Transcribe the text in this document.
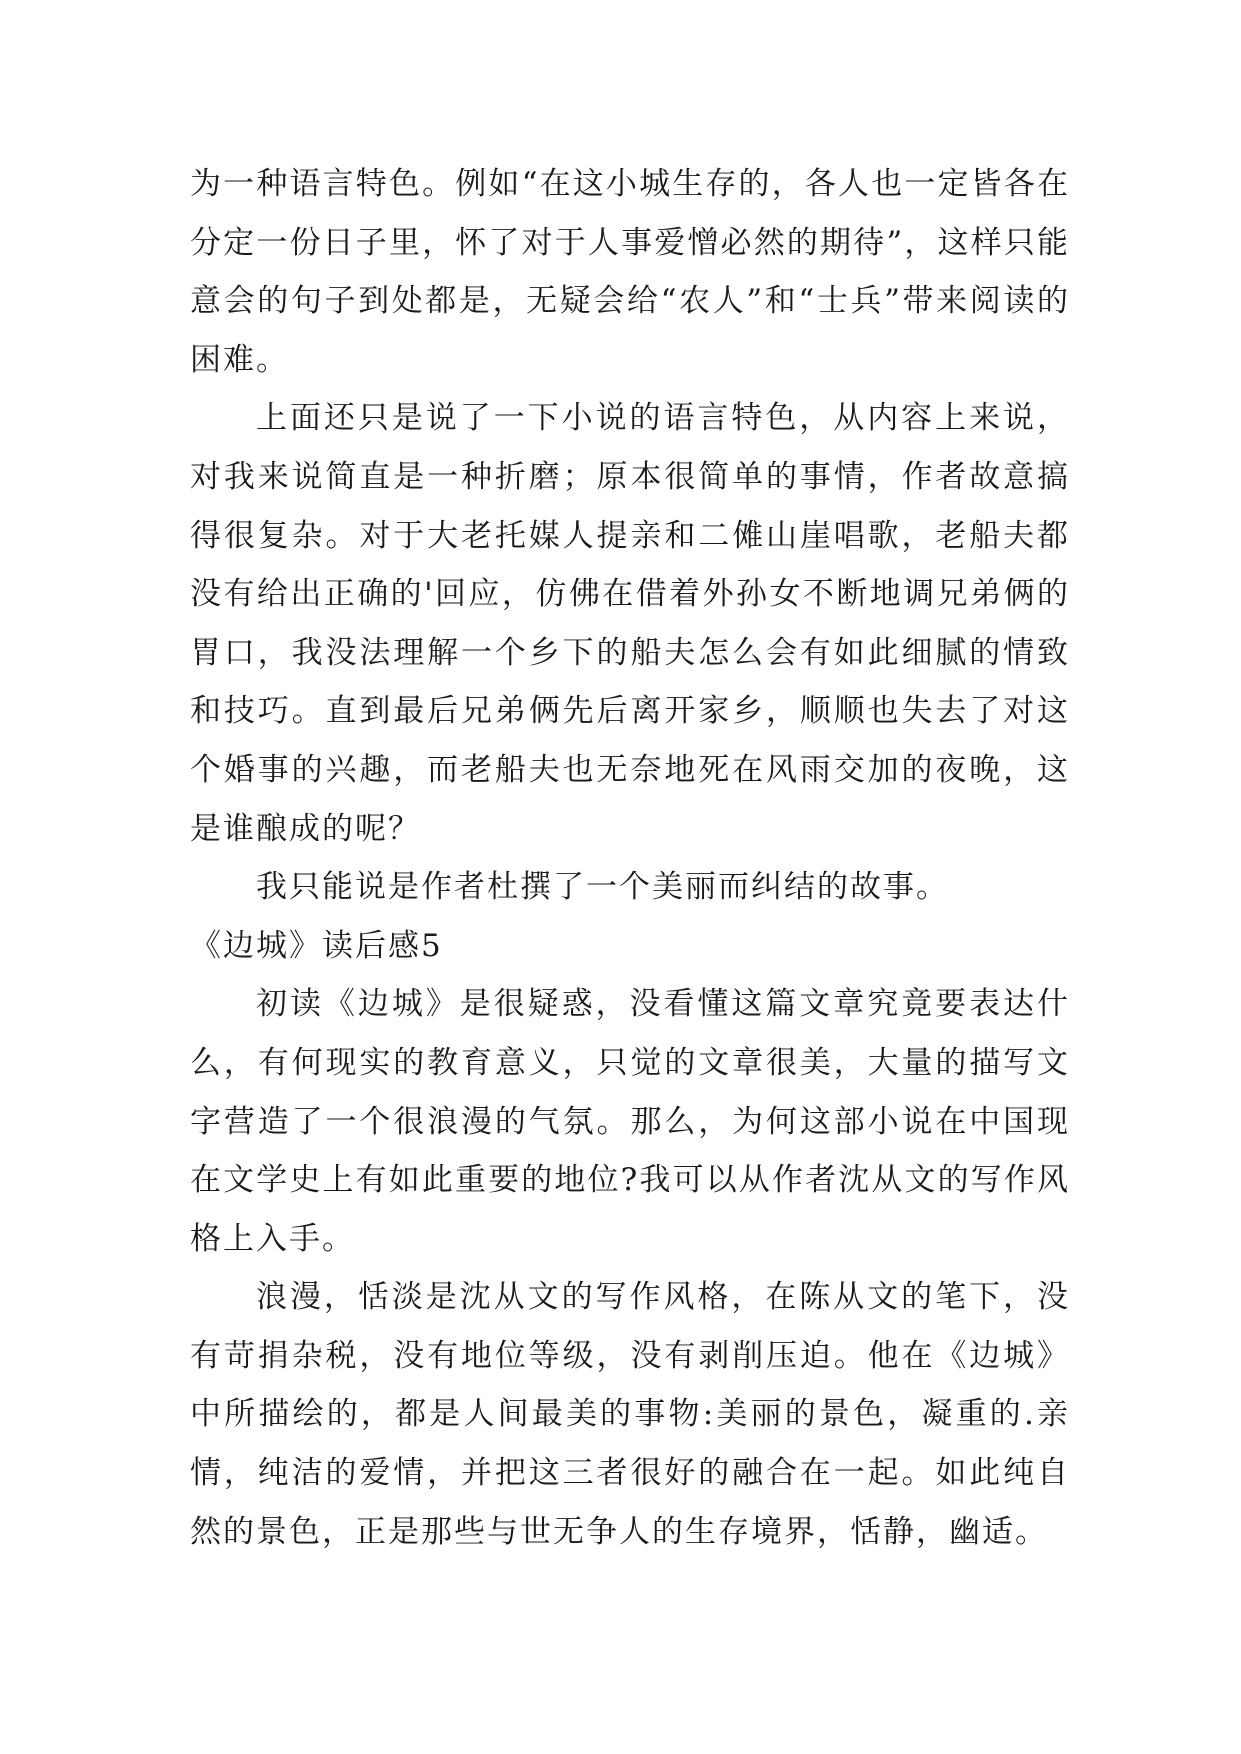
为一种语言特色。例如“在这小城生存的，各人也一定皆各在分定一份日子里，怀了对于人事爱憎必然的期待”，这样只能意会的句子到处都是，无疑会给“农人”和“士兵”带来阅读的困难。

上面还只是说了一下小说的语言特色，从内容上来说，对我来说简直是一种折磨；原本很简单的事情，作者故意搞得很复杂。对于大老托媒人提亲和二傩山崖唱歌，老船夫都没有给出正确的'回应，仿佛在借着外孙女不断地调兄弟俩的胃口，我没法理解一个乡下的船夫怎么会有如此细腻的情致和技巧。直到最后兄弟俩先后离开家乡，顺顺也失去了对这个婚事的兴趣，而老船夫也无奈地死在风雨交加的夜晚，这是谁酿成的呢？

我只能说是作者杜撰了一个美丽而纠结的故事。

《边城》读后感5

初读《边城》是很疑惑，没看懂这篇文章究竟要表达什么，有何现实的教育意义，只觉的文章很美，大量的描写文字营造了一个很浪漫的气氛。那么，为何这部小说在中国现在文学史上有如此重要的地位?我可以从作者沈从文的写作风格上入手。

浪漫，恬淡是沈从文的写作风格，在陈从文的笔下，没有苛捐杂税，没有地位等级，没有剥削压迫。他在《边城》中所描绘的，都是人间最美的事物:美丽的景色，凝重的.亲情，纯洁的爱情，并把这三者很好的融合在一起。如此纯自然的景色，正是那些与世无争人的生存境界，恬静，幽适。
